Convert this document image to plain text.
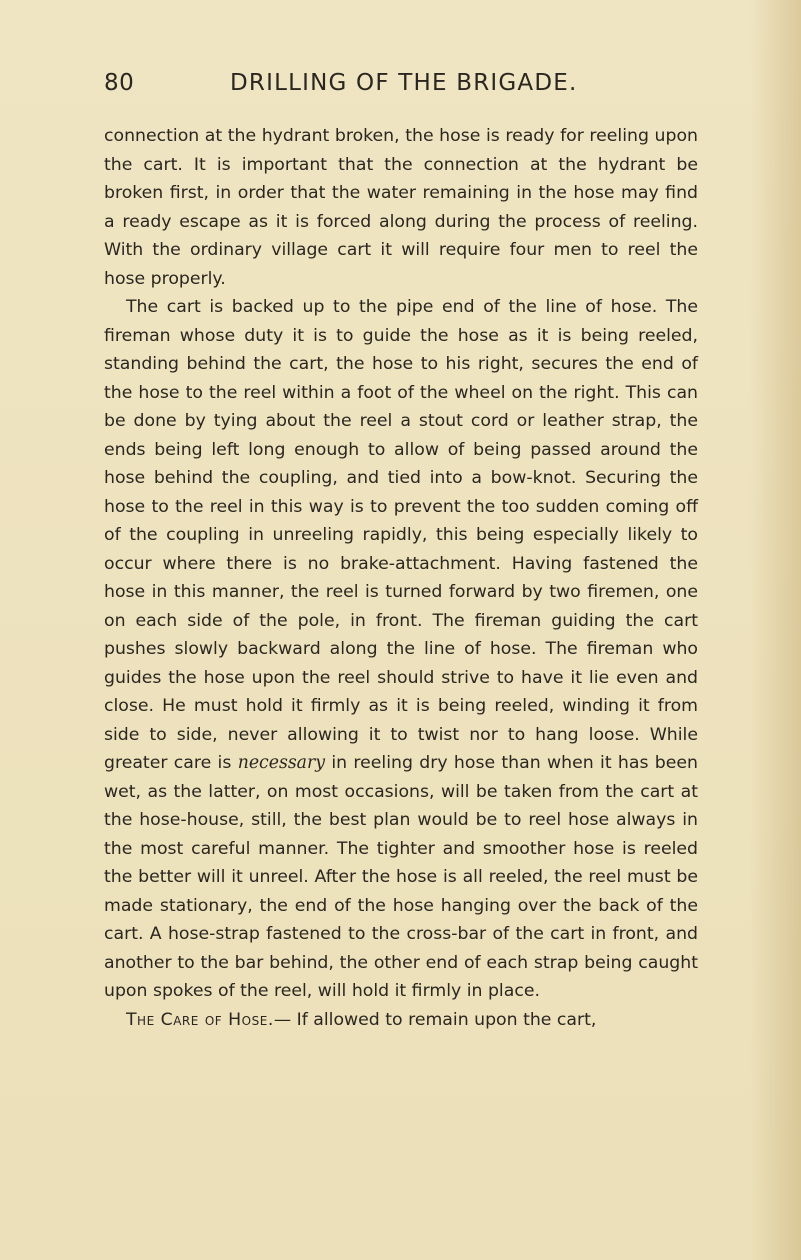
80	DRILLING OF THE BRIGADE.

connection at the hydrant broken, the hose is ready for reeling upon the cart. It is important that the connection at the hydrant be broken first, in order that the water remaining in the hose may find a ready escape as it is forced along during the process of reeling. With the ordinary village cart it will require four men to reel the hose properly.

The cart is backed up to the pipe end of the line of hose. The fireman whose duty it is to guide the hose as it is being reeled, standing behind the cart, the hose to his right, secures the end of the hose to the reel within a foot of the wheel on the right. This can be done by tying about the reel a stout cord or leather strap, the ends being left long enough to allow of being passed around the hose behind the coupling, and tied into a bow-knot. Securing the hose to the reel in this way is to prevent the too sudden coming off of the coupling in unreeling rapidly, this being especially likely to occur where there is no brake-attachment. Having fastened the hose in this manner, the reel is turned forward by two firemen, one on each side of the pole, in front. The fireman guiding the cart pushes slowly backward along the line of hose. The fireman who guides the hose upon the reel should strive to have it lie even and close. He must hold it firmly as it is being reeled, winding it from side to side, never allowing it to twist nor to hang loose. While greater care is necessary in reeling dry hose than when it has been wet, as the latter, on most occasions, will be taken from the cart at the hose-house, still, the best plan would be to reel hose always in the most careful manner. The tighter and smoother hose is reeled the better will it unreel. After the hose is all reeled, the reel must be made stationary, the end of the hose hanging over the back of the cart. A hose-strap fastened to the cross-bar of the cart in front, and another to the bar behind, the other end of each strap being caught upon spokes of the reel, will hold it firmly in place.

The Care of Hose.— If allowed to remain upon the cart,
